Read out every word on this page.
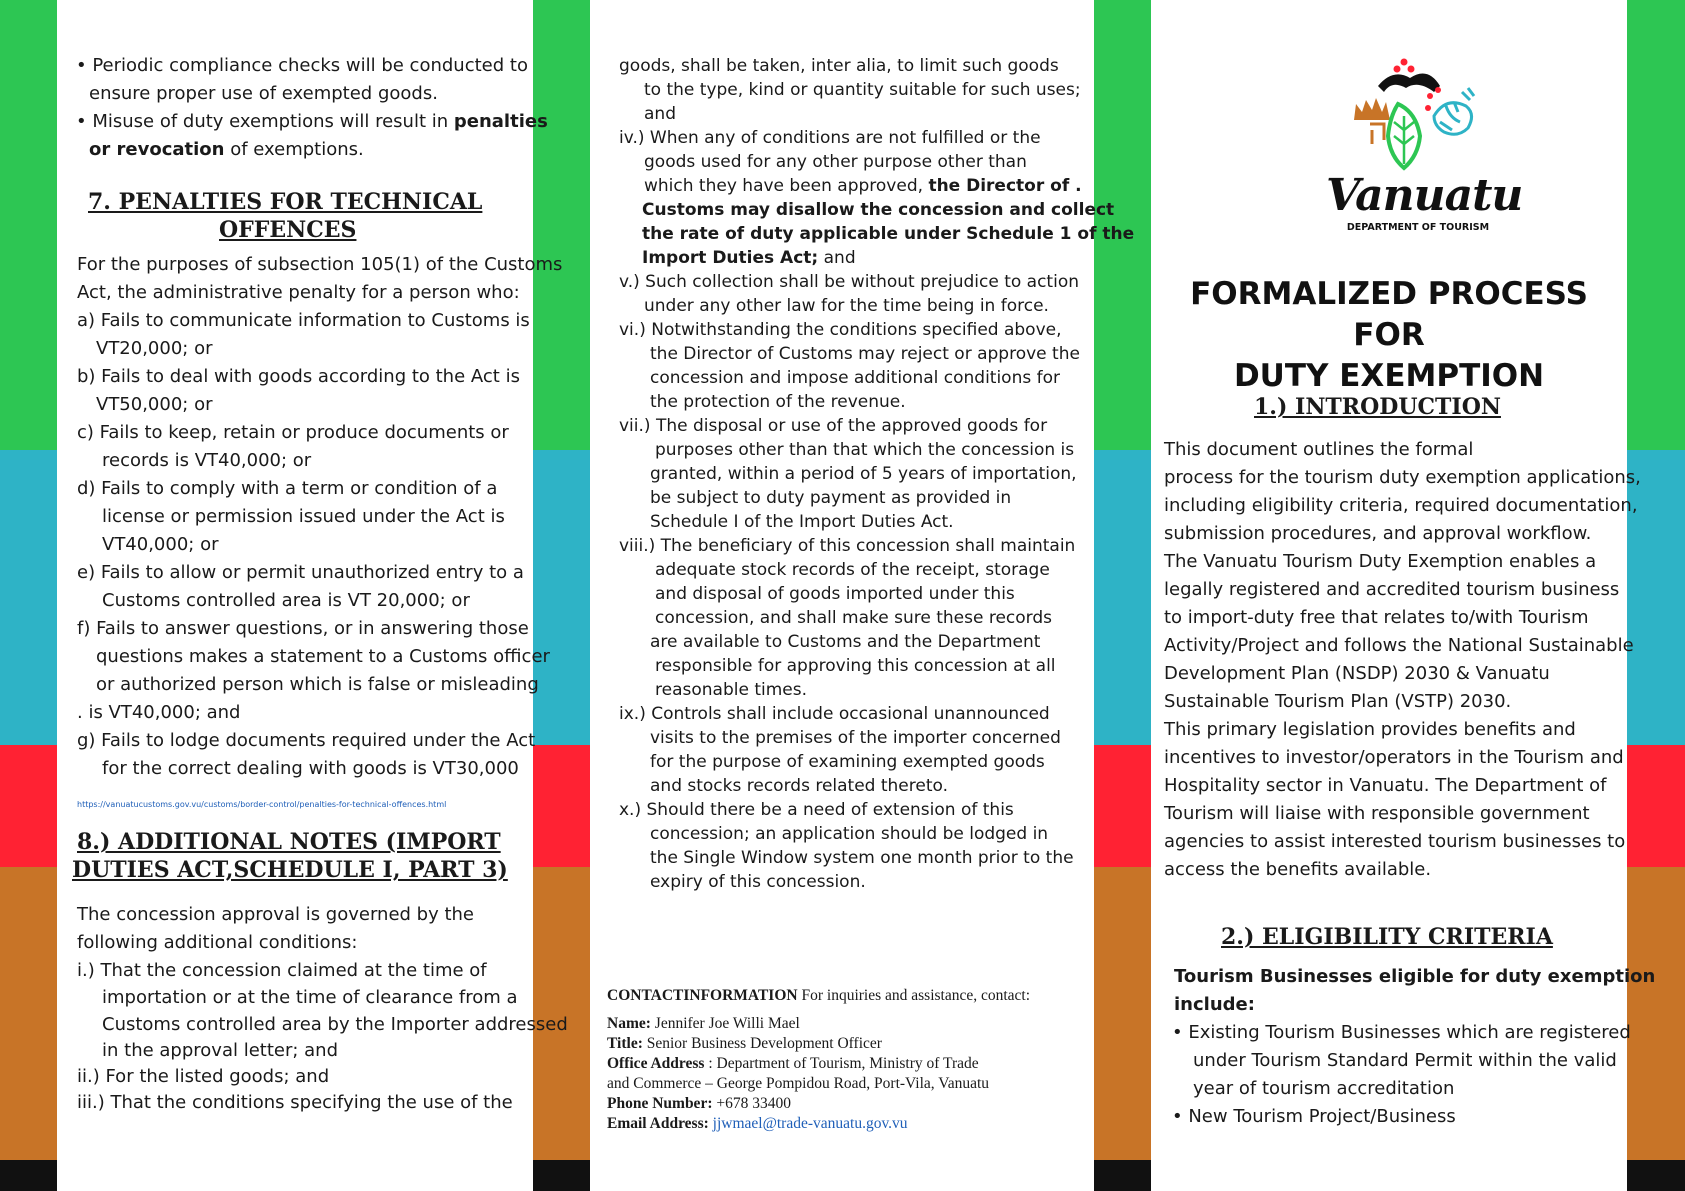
• Periodic compliance checks will be conducted to
ensure proper use of exempted goods.
• Misuse of duty exemptions will result in penalties
or revocation of exemptions.
7. PENALTIES FOR TECHNICAL
OFFENCES
For the purposes of subsection 105(1) of the Customs
Act, the administrative penalty for a person who:
a) Fails to communicate information to Customs is
VT20,000; or
b) Fails to deal with goods according to the Act is
VT50,000; or
c) Fails to keep, retain or produce documents or
records is VT40,000; or
d) Fails to comply with a term or condition of a
license or permission issued under the Act is
VT40,000; or
e) Fails to allow or permit unauthorized entry to a
Customs controlled area is VT 20,000; or
f) Fails to answer questions, or in answering those
questions makes a statement to a Customs officer
or authorized person which is false or misleading
. is VT40,000; and
g) Fails to lodge documents required under the Act
for the correct dealing with goods is VT30,000
https://vanuatucustoms.gov.vu/customs/border-control/penalties-for-technical-offences.html
8.) ADDITIONAL NOTES (IMPORT
DUTIES ACT,SCHEDULE I, PART 3)
The concession approval is governed by the
following additional conditions:
i.) That the concession claimed at the time of
importation or at the time of clearance from a
Customs controlled area by the Importer addressed
in the approval letter; and
ii.) For the listed goods; and
iii.) That the conditions specifying the use of the
goods, shall be taken, inter alia, to limit such goods
to the type, kind or quantity suitable for such uses;
and
iv.) When any of conditions are not fulfilled or the
goods used for any other purpose other than
which they have been approved, the Director of .
Customs may disallow the concession and collect
the rate of duty applicable under Schedule 1 of the
Import Duties Act; and
v.) Such collection shall be without prejudice to action
under any other law for the time being in force.
vi.) Notwithstanding the conditions specified above,
the Director of Customs may reject or approve the
concession and impose additional conditions for
the protection of the revenue.
vii.) The disposal or use of the approved goods for
purposes other than that which the concession is
granted, within a period of 5 years of importation,
be subject to duty payment as provided in
Schedule I of the Import Duties Act.
viii.) The beneficiary of this concession shall maintain
adequate stock records of the receipt, storage
and disposal of goods imported under this
concession, and shall make sure these records
are available to Customs and the Department
responsible for approving this concession at all
reasonable times.
ix.) Controls shall include occasional unannounced
visits to the premises of the importer concerned
for the purpose of examining exempted goods
and stocks records related thereto.
x.) Should there be a need of extension of this
concession; an application should be lodged in
the Single Window system one month prior to the
expiry of this concession.
CONTACTINFORMATION For inquiries and assistance, contact:
Name: Jennifer Joe Willi Mael
Title: Senior Business Development Officer
Office Address : Department of Tourism, Ministry of Trade
and Commerce – George Pompidou Road, Port-Vila, Vanuatu
Phone Number: +678 33400
Email Address: jjwmael@trade-vanuatu.gov.vu
Vanuatu
DEPARTMENT OF TOURISM
FORMALIZED PROCESS FOR
DUTY EXEMPTION
1.) INTRODUCTION
This document outlines the formal
process for the tourism duty exemption applications,
including eligibility criteria, required documentation,
submission procedures, and approval workflow.
The Vanuatu Tourism Duty Exemption enables a
legally registered and accredited tourism business
to import-duty free that relates to/with Tourism
Activity/Project and follows the National Sustainable
Development Plan (NSDP) 2030 & Vanuatu
Sustainable Tourism Plan (VSTP) 2030.
This primary legislation provides benefits and
incentives to investor/operators in the Tourism and
Hospitality sector in Vanuatu. The Department of
Tourism will liaise with responsible government
agencies to assist interested tourism businesses to
access the benefits available.
2.) ELIGIBILITY CRITERIA
Tourism Businesses eligible for duty exemption
include:
• Existing Tourism Businesses which are registered
under Tourism Standard Permit within the valid
year of tourism accreditation
• New Tourism Project/Business
